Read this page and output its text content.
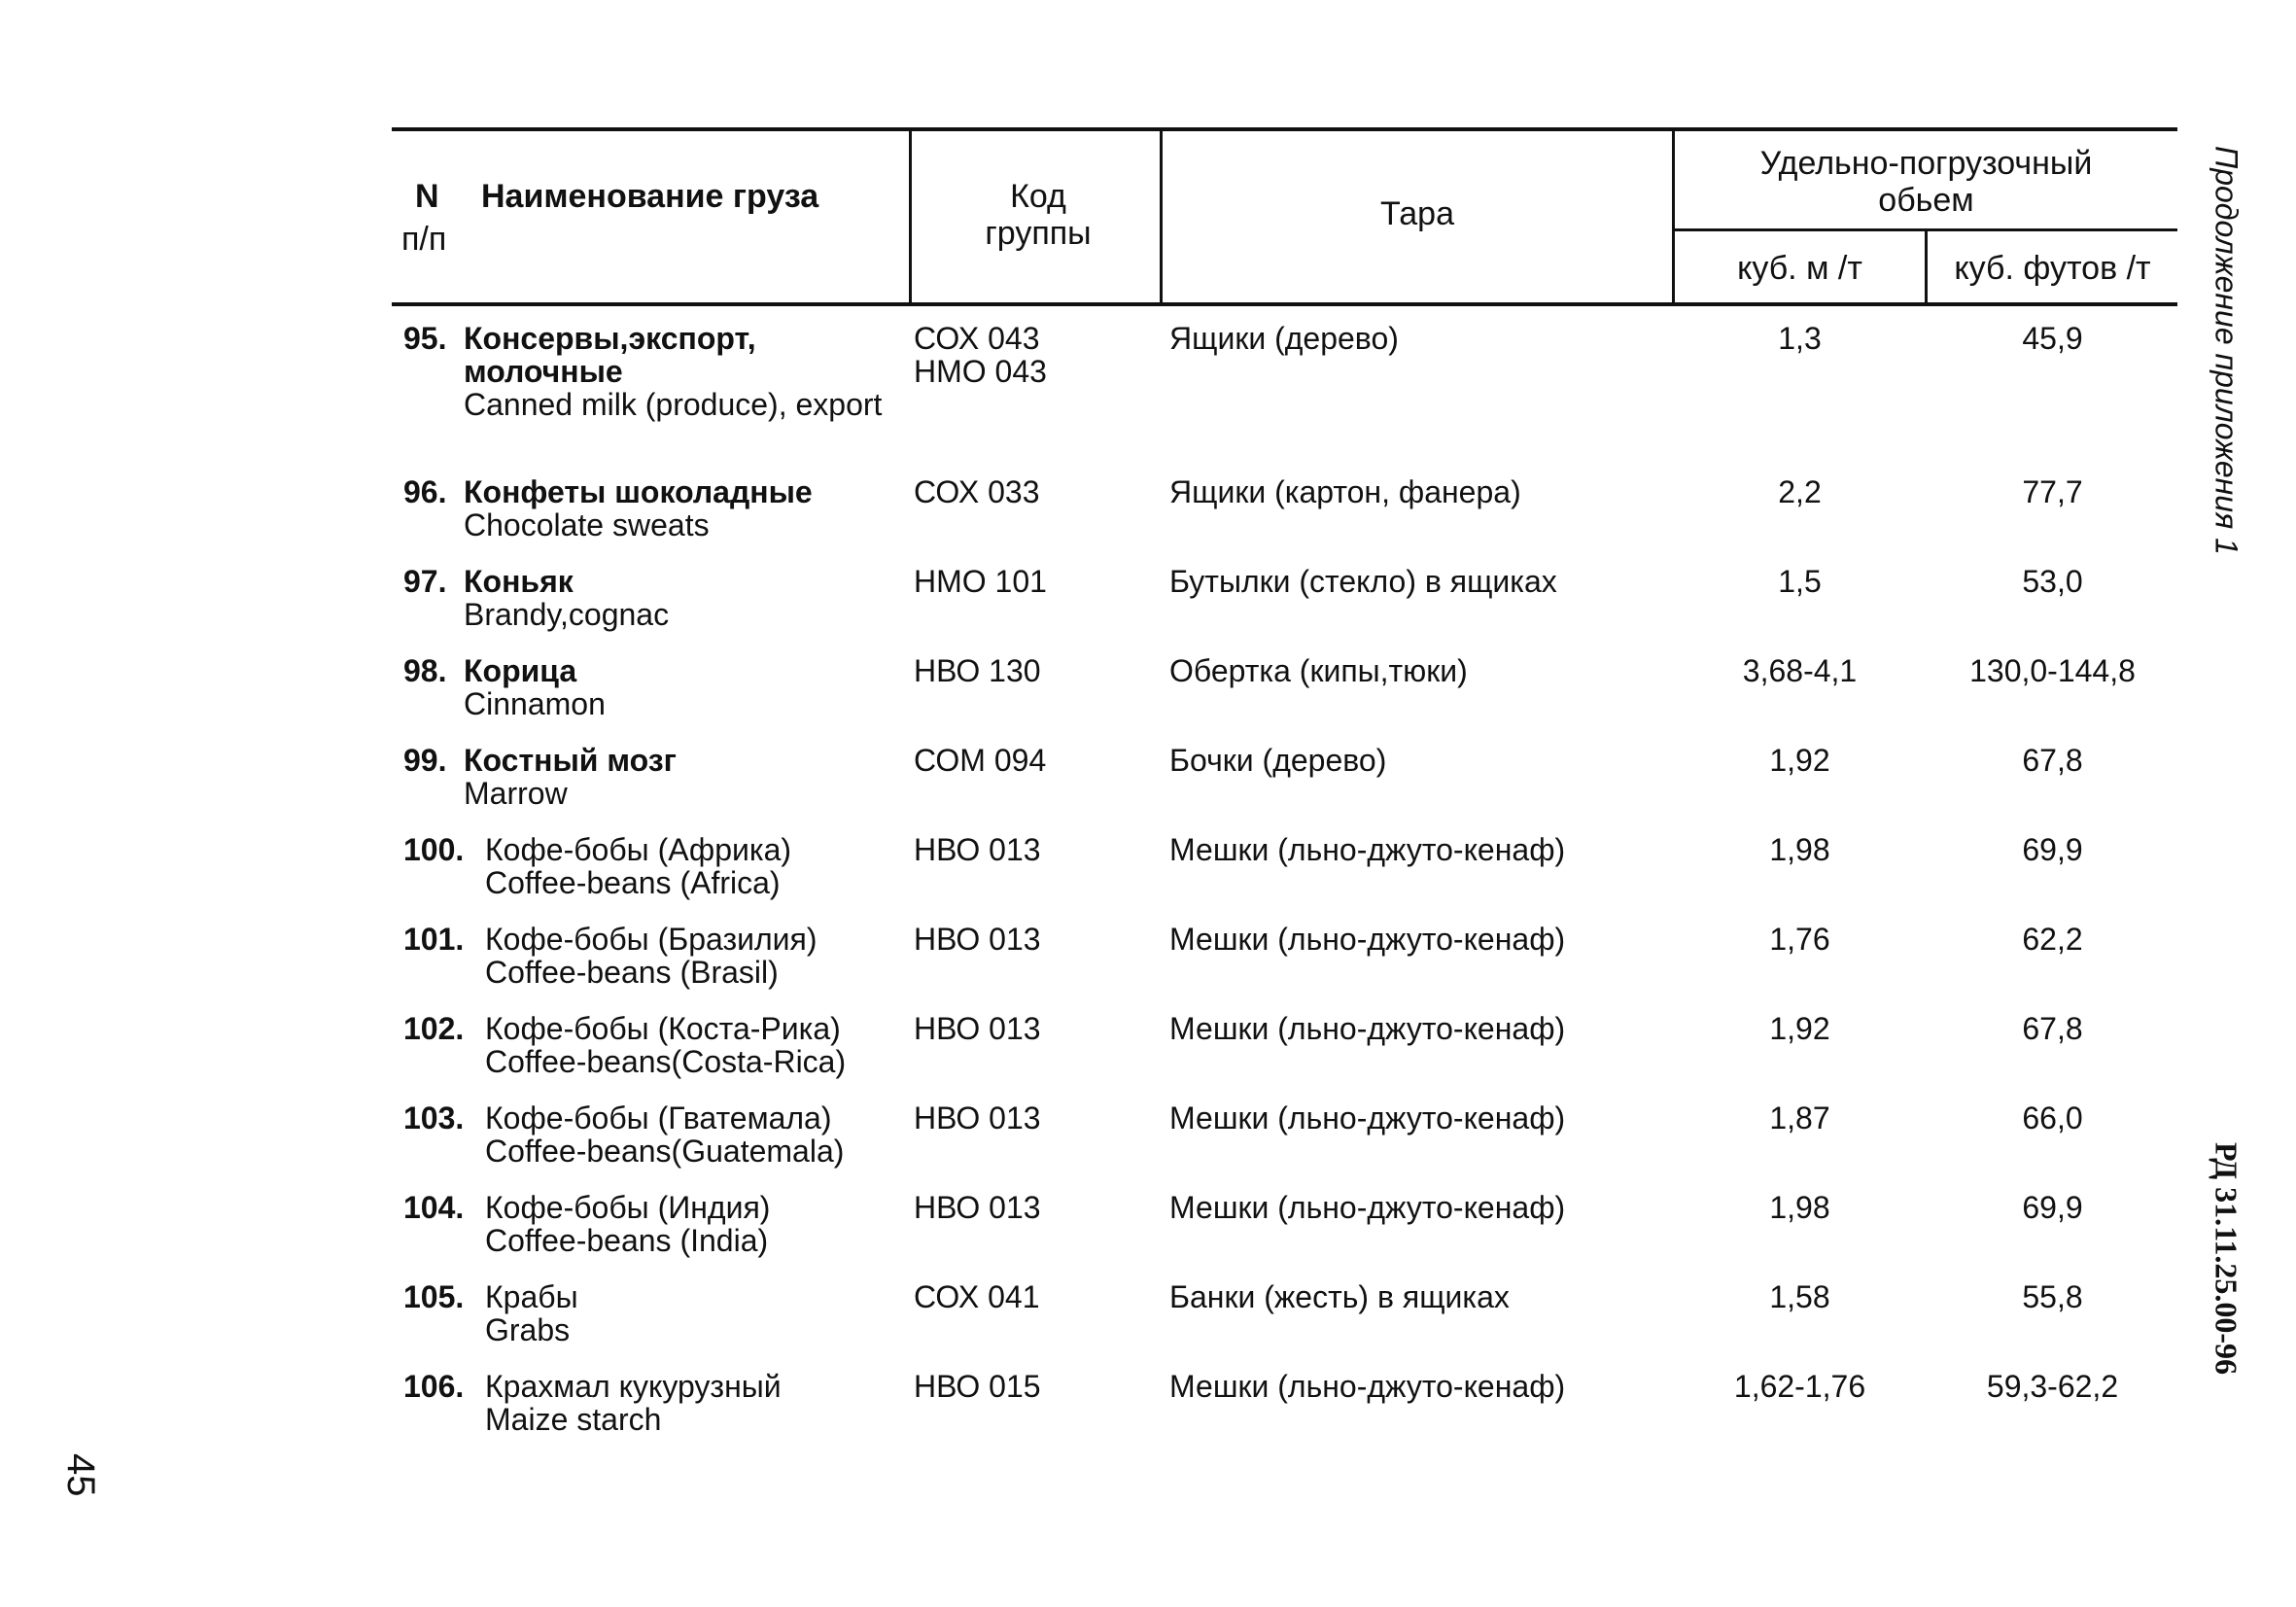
N
п/п
Наименование груза	Код
группы
Тара
Удельно-погрузочный
обьем
куб. м /т	куб. футов /т
95. Консервы,экспорт, молочные
Canned milk (produce), export
СОХ 043
НМО 043
Ящики (дерево)	1,3	45,9
96. Конфеты шоколадные
Chocolate sweats
СОХ 033	Ящики (картон, фанера)	2,2	77,7
97. Коньяк
Brandy,cognac
НМО 101	Бутылки (стекло) в ящиках	1,5	53,0
98. Корица
Cinnamon
НВО 130	Обертка (кипы,тюки)	3,68-4,1	130,0-144,8
99. Костный мозг
Marrow
СОМ 094	Бочки (дерево)	1,92	67,8
100. Кофе-бобы (Африка)
Coffee-beans (Africa)
НВО 013	Мешки (льно-джуто-кенаф)	1,98	69,9
101. Кофе-бобы (Бразилия)
Coffee-beans (Brasil)
НВО 013	Мешки (льно-джуто-кенаф)	1,76	62,2
102. Кофе-бобы (Коста-Рика)
Coffee-beans(Costa-Rica)
НВО 013	Мешки (льно-джуто-кенаф)	1,92	67,8
103. Кофе-бобы (Гватемала)
Coffee-beans(Guatemala)
НВО 013	Мешки (льно-джуто-кенаф)	1,87	66,0
104. Кофе-бобы (Индия)
Coffee-beans (India)
НВО 013	Мешки (льно-джуто-кенаф)	1,98	69,9
105. Крабы
Grabs
СОХ 041	Банки (жесть) в ящиках	1,58	55,8
106. Крахмал кукурузный
Maize starch
НВО 015	Мешки (льно-джуто-кенаф)	1,62-1,76	59,3-62,2
Продолжение приложения 1
РД 31.11.25.00-96
45
